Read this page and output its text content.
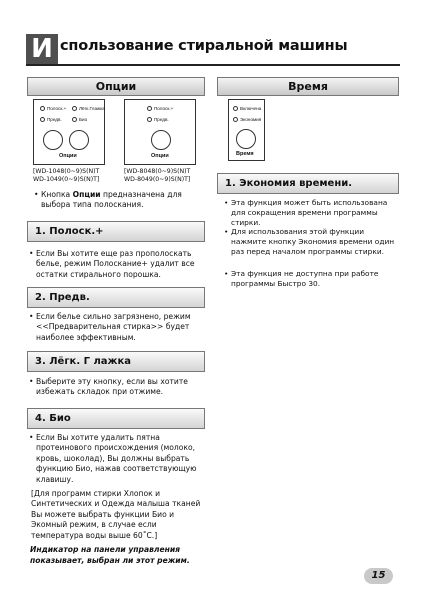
И спользование стиральной машины
Опции	Время
Полоск.+	Лёгк.Глажка
Предв.	Био
Опции
[WD-1048(0~9)S(N)T
WD-1049(0~9)S(N)T]
Полоск.+
Предв.
Опции
[WD-8048(0~9)S(N)T
WD-8049(0~9)S(N)T]
Включена
Экономия
Время
• Кнопка Опции предназначена для выбора типа полоскания.
1. Полоск.+
• Если Вы хотите еще раз прополоскать белье, режим Полоскание+ удалит все остатки стирального порошка.
2. Предв.
• Если белье сильно загрязнено, режим <<Предварительная стирка>> будет наиболее эффективным.
3. Лёгк. Г лажка
• Выберите эту кнопку, если вы хотите избежать складок при отжиме.
4. Био
• Если Вы хотите удалить пятна протеинового происхождения (молоко, кровь, шоколад), Вы должны выбрать функцию Био, нажав соответствующую клавишу.
[Для программ стирки Хлопок и Синтетических и Одежда малыша тканей Вы можете выбрать функции Био и Экомный режим, в случае если температура воды выше 60˚C.]
Индикатор на панели управления показывает, выбран ли этот режим.
1. Экономия времени.
• Эта функция может быть использована для сокращения времени программы стирки.
• Для использования этой функции нажмите кнопку Экономия времени один раз перед началом программы стирки.
• Эта функция не доступна при работе программы Быстро 30.
15
